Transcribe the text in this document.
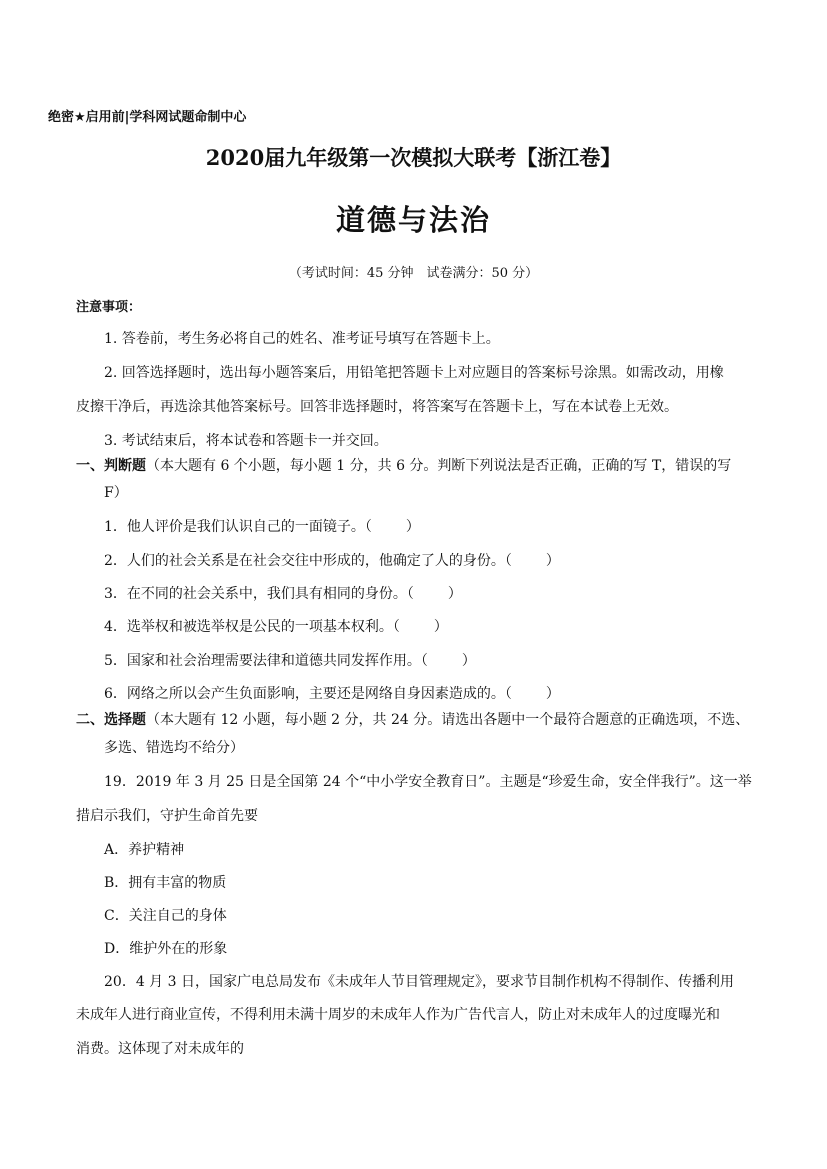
绝密★启用前|学科网试题命制中心
2020届九年级第一次模拟大联考【浙江卷】
道德与法治
（考试时间：45 分钟　试卷满分：50 分）
注意事项：
1. 答卷前，考生务必将自己的姓名、准考证号填写在答题卡上。
2. 回答选择题时，选出每小题答案后，用铅笔把答题卡上对应题目的答案标号涂黑。如需改动，用橡
皮擦干净后，再选涂其他答案标号。回答非选择题时，将答案写在答题卡上，写在本试卷上无效。
3. 考试结束后，将本试卷和答题卡一并交回。
一、判断题（本大题有 6 个小题，每小题 1 分，共 6 分。判断下列说法是否正确，正确的写 T，错误的写
F）
1．他人评价是我们认识自己的一面镜子。（ ）
2．人们的社会关系是在社会交往中形成的，他确定了人的身份。（ ）
3．在不同的社会关系中，我们具有相同的身份。（ ）
4．选举权和被选举权是公民的一项基本权利。（ ）
5．国家和社会治理需要法律和道德共同发挥作用。（ ）
6．网络之所以会产生负面影响，主要还是网络自身因素造成的。（ ）
二、选择题（本大题有 12 小题，每小题 2 分，共 24 分。请选出各题中一个最符合题意的正确选项，不选、
多选、错选均不给分）
19．2019 年 3 月 25 日是全国第 24 个“中小学安全教育日”。主题是“珍爱生命，安全伴我行”。这一举
措启示我们，守护生命首先要
A．养护精神
B．拥有丰富的物质
C．关注自己的身体
D．维护外在的形象
20．4 月 3 日，国家广电总局发布《未成年人节目管理规定》，要求节目制作机构不得制作、传播利用
未成年人进行商业宣传，不得利用未满十周岁的未成年人作为广告代言人，防止对未成年人的过度曝光和
消费。这体现了对未成年的
